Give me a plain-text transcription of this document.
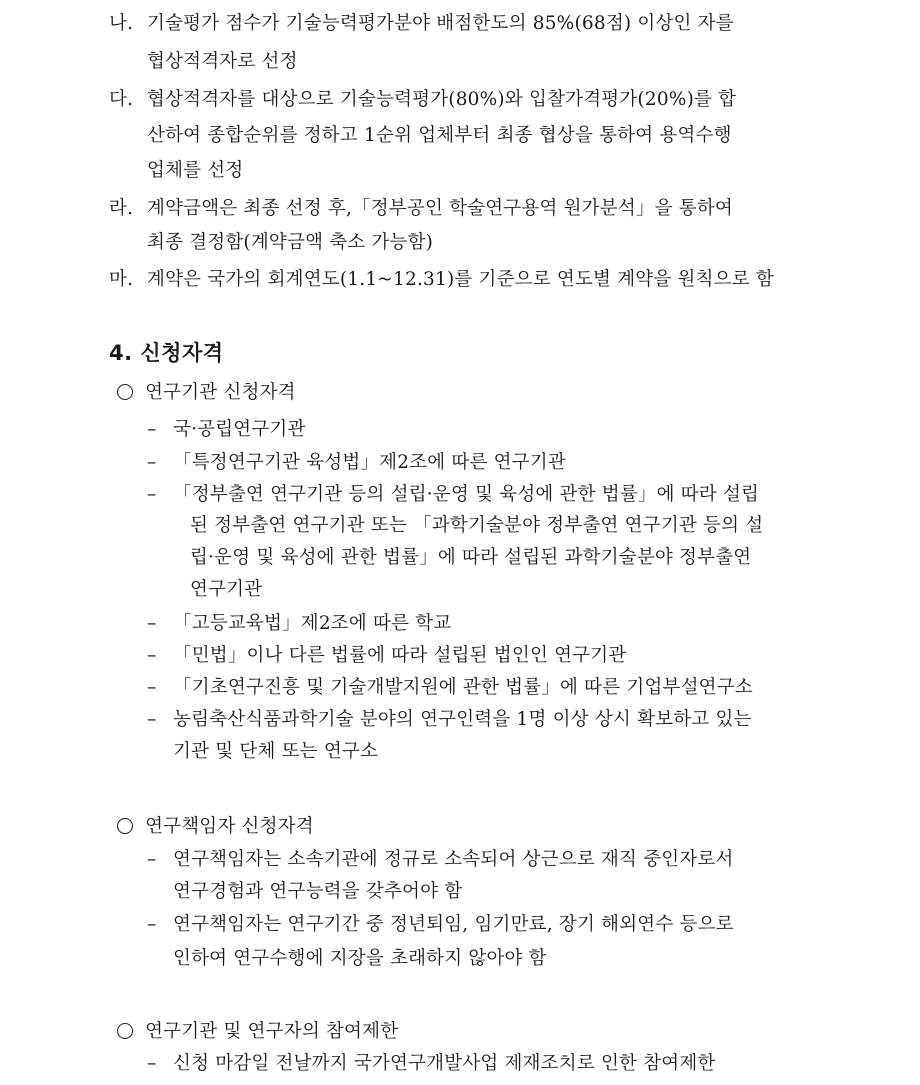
나. 기술평가 점수가 기술능력평가분야 배점한도의 85%(68점) 이상인 자를
협상적격자로 선정
다. 협상적격자를 대상으로 기술능력평가(80%)와 입찰가격평가(20%)를 합
산하여 종합순위를 정하고 1순위 업체부터 최종 협상을 통하여 용역수행
업체를 선정
라. 계약금액은 최종 선정 후,「정부공인 학술연구용역 원가분석」을 통하여
최종 결정함(계약금액 축소 가능함)
마. 계약은 국가의 회계연도(1.1~12.31)를 기준으로 연도별 계약을 원칙으로 함
4. 신청자격
연구기관 신청자격
– 국·공립연구기관
– 「특정연구기관 육성법」제2조에 따른 연구기관
– 「정부출연 연구기관 등의 설립·운영 및 육성에 관한 법률」에 따라 설립
된 정부출연 연구기관 또는 「과학기술분야 정부출연 연구기관 등의 설
립·운영 및 육성에 관한 법률」에 따라 설립된 과학기술분야 정부출연
연구기관
– 「고등교육법」제2조에 따른 학교
– 「민법」이나 다른 법률에 따라 설립된 법인인 연구기관
– 「기초연구진흥 및 기술개발지원에 관한 법률」에 따른 기업부설연구소
– 농림축산식품과학기술 분야의 연구인력을 1명 이상 상시 확보하고 있는
기관 및 단체 또는 연구소
연구책임자 신청자격
– 연구책임자는 소속기관에 정규로 소속되어 상근으로 재직 중인자로서
연구경험과 연구능력을 갖추어야 함
– 연구책임자는 연구기간 중 정년퇴임, 임기만료, 장기 해외연수 등으로
인하여 연구수행에 지장을 초래하지 않아야 함
연구기관 및 연구자의 참여제한
– 신청 마감일 전날까지 국가연구개발사업 제재조치로 인한 참여제한
